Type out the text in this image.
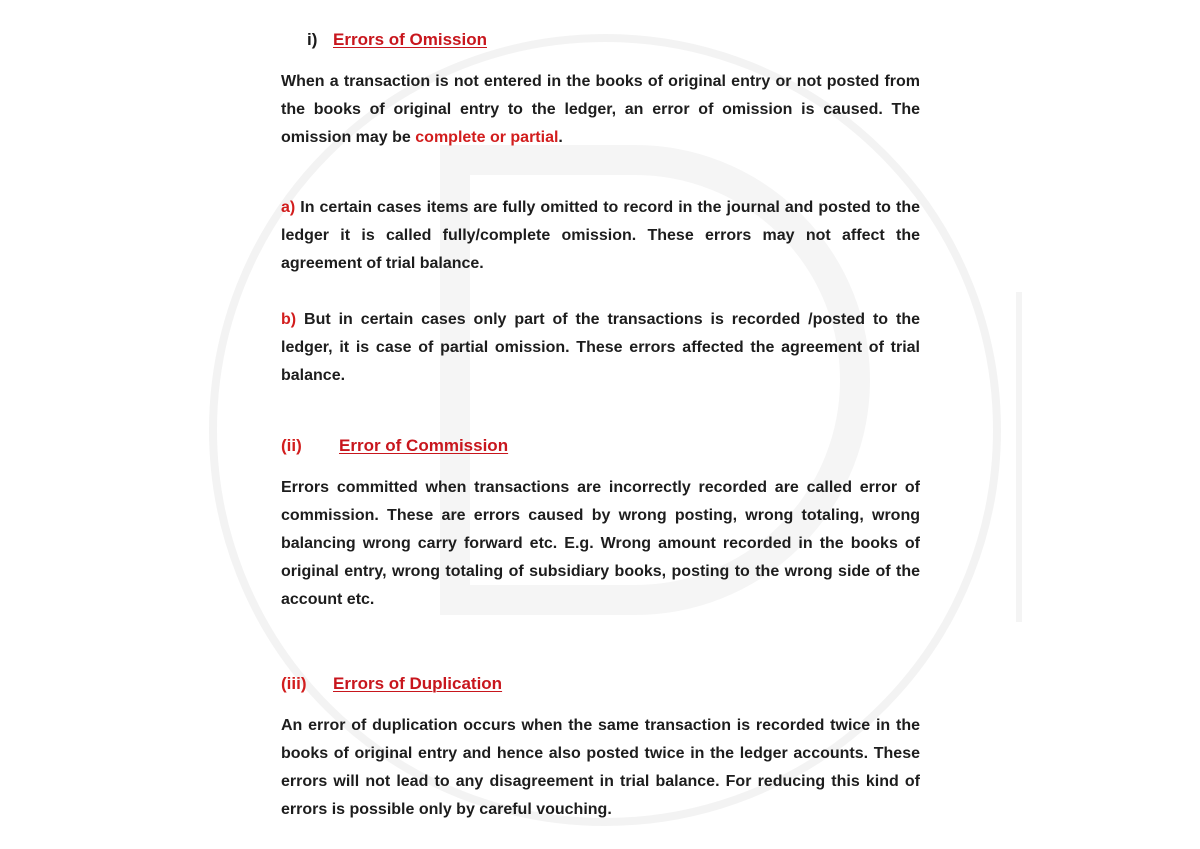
i) Errors of Omission

When a transaction is not entered in the books of original entry or not posted from the books of original entry to the ledger, an error of omission is caused. The omission may be complete or partial.

a) In certain cases items are fully omitted to record in the journal and posted to the ledger it is called fully/complete omission. These errors may not affect the agreement of trial balance.

b) But in certain cases only part of the transactions is recorded /posted to the ledger, it is case of partial omission. These errors affected the agreement of trial balance.

(ii) Error of Commission

Errors committed when transactions are incorrectly recorded are called error of commission. These are errors caused by wrong posting, wrong totaling, wrong balancing wrong carry forward etc. E.g. Wrong amount recorded in the books of original entry, wrong totaling of subsidiary books, posting to the wrong side of the account etc.

(iii) Errors of Duplication

An error of duplication occurs when the same transaction is recorded twice in the books of original entry and hence also posted twice in the ledger accounts. These errors will not lead to any disagreement in trial balance. For reducing this kind of errors is possible only by careful vouching.
